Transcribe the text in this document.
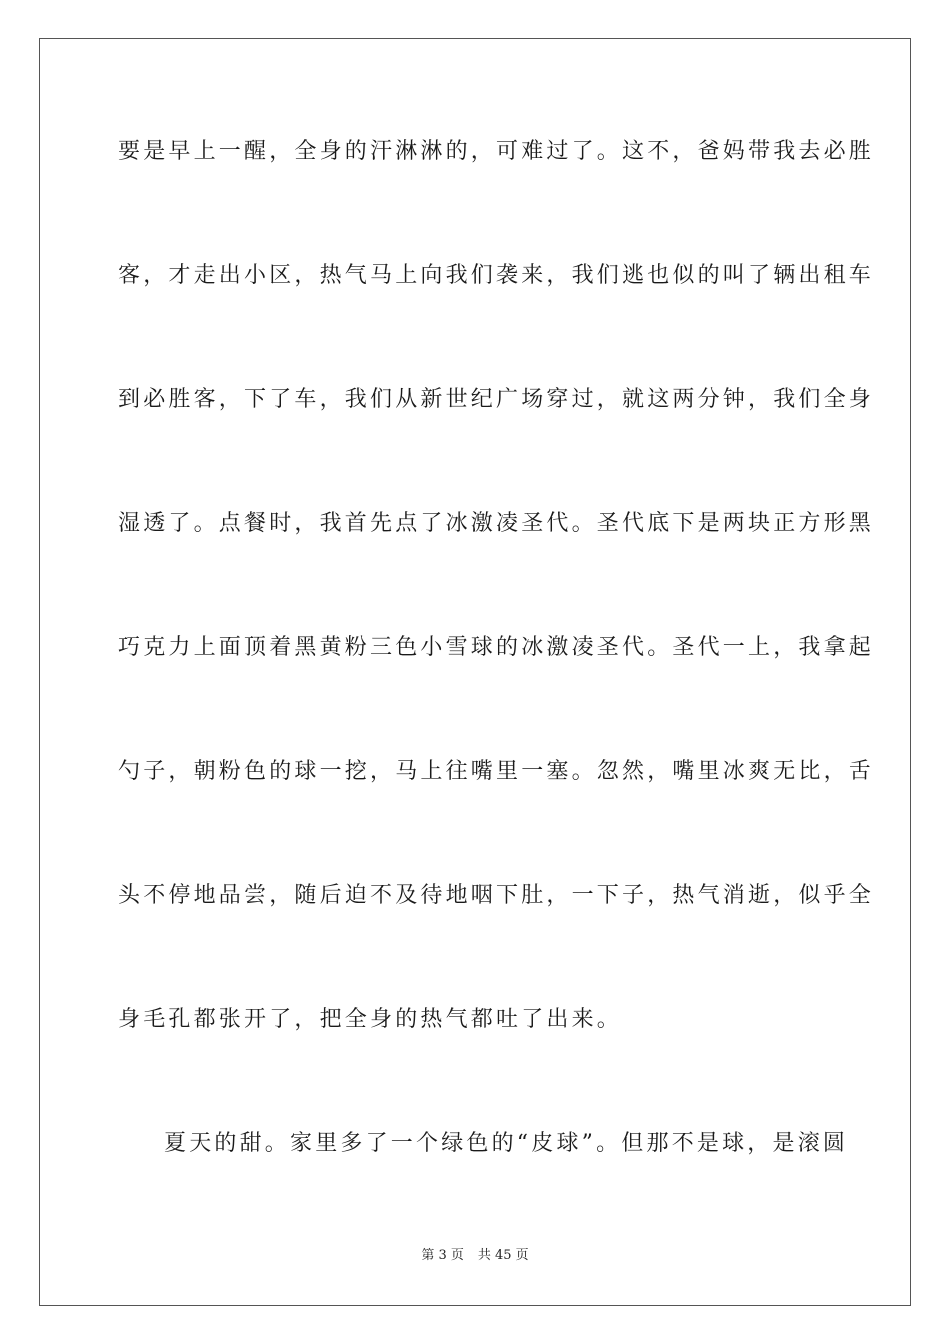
要是早上一醒，全身的汗淋淋的，可难过了。这不，爸妈带我去必胜
客，才走出小区，热气马上向我们袭来，我们逃也似的叫了辆出租车
到必胜客，下了车，我们从新世纪广场穿过，就这两分钟，我们全身
湿透了。点餐时，我首先点了冰激凌圣代。圣代底下是两块正方形黑
巧克力上面顶着黑黄粉三色小雪球的冰激凌圣代。圣代一上，我拿起
勺子，朝粉色的球一挖，马上往嘴里一塞。忽然，嘴里冰爽无比，舌
头不停地品尝，随后迫不及待地咽下肚，一下子，热气消逝，似乎全
身毛孔都张开了，把全身的热气都吐了出来。
夏天的甜。家里多了一个绿色的“皮球”。但那不是球，是滚圆
第 3 页 共 45 页
